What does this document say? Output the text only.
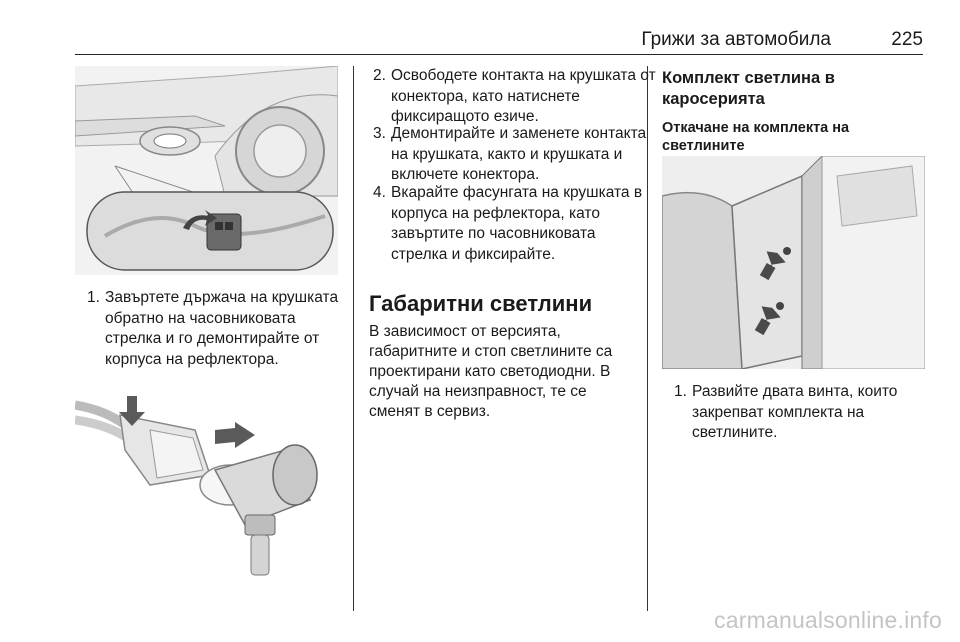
Грижи за автомобила	225
1. Завъртете държача на крушката обратно на часовниковата стрелка и го демонтирайте от корпуса на рефлектора.
2. Освободете контакта на крушката от конектора, като натиснете фиксиращото езиче.
3. Демонтирайте и заменете контакта на крушката, както и крушката и включете конектора.
4. Вкарайте фасунгата на крушката в корпуса на рефлектора, като завъртите по часовниковата стрелка и фиксирайте.
Габаритни светлини
В зависимост от версията, габаритните и стоп светлините са проектирани като светодиодни. В случай на неизправност, те се сменят в сервиз.
Комплект светлина в каросерията
Откачане на комплекта на светлините
1. Развийте двата винта, които закрепват комплекта на светлините.
carmanualsonline.info
